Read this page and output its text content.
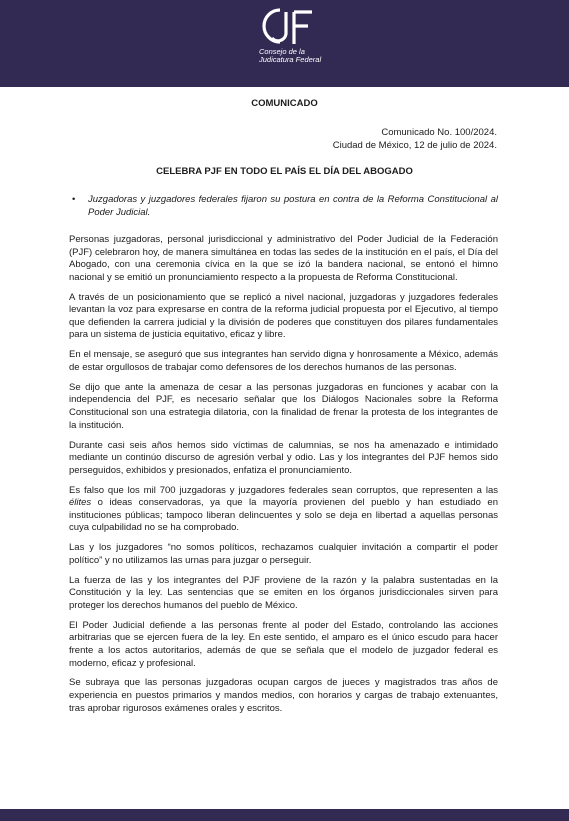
Consejo de la
Judicatura Federal
COMUNICADO
Comunicado No. 100/2024.
Ciudad de México, 12 de julio de 2024.
CELEBRA PJF EN TODO EL PAÍS EL DÍA DEL ABOGADO
• Juzgadoras y juzgadores federales fijaron su postura en contra de la Reforma Constitucional al Poder Judicial.

Personas juzgadoras, personal jurisdiccional y administrativo del Poder Judicial de la Federación (PJF) celebraron hoy, de manera simultánea en todas las sedes de la institución en el país, el Día del Abogado, con una ceremonia cívica en la que se izó la bandera nacional, se entonó el himno nacional y se emitió un pronunciamiento respecto a la propuesta de Reforma Constitucional.

A través de un posicionamiento que se replicó a nivel nacional, juzgadoras y juzgadores federales levantan la voz para expresarse en contra de la reforma judicial propuesta por el Ejecutivo, al tiempo que defienden la carrera judicial y la división de poderes que constituyen dos pilares fundamentales para un sistema de justicia equitativo, eficaz y libre.

En el mensaje, se aseguró que sus integrantes han servido digna y honrosamente a México, además de estar orgullosos de trabajar como defensores de los derechos humanos de las personas.

Se dijo que ante la amenaza de cesar a las personas juzgadoras en funciones y acabar con la independencia del PJF, es necesario señalar que los Diálogos Nacionales sobre la Reforma Constitucional son una estrategia dilatoria, con la finalidad de frenar la protesta de los integrantes de la institución.

Durante casi seis años hemos sido víctimas de calumnias, se nos ha amenazado e intimidado mediante un continúo discurso de agresión verbal y odio. Las y los integrantes del PJF hemos sido perseguidos, exhibidos y presionados, enfatiza el pronunciamiento.

Es falso que los mil 700 juzgadoras y juzgadores federales sean corruptos, que representen a las élites o ideas conservadoras, ya que la mayoría provienen del pueblo y han estudiado en instituciones públicas; tampoco liberan delincuentes y solo se deja en libertad a aquellas personas cuya culpabilidad no se ha comprobado.

Las y los juzgadores “no somos políticos, rechazamos cualquier invitación a compartir el poder político” y no utilizamos las urnas para juzgar o perseguir.

La fuerza de las y los integrantes del PJF proviene de la razón y la palabra sustentadas en la Constitución y la ley. Las sentencias que se emiten en los órganos jurisdiccionales sirven para proteger los derechos humanos del pueblo de México.

El Poder Judicial defiende a las personas frente al poder del Estado, controlando las acciones arbitrarias que se ejercen fuera de la ley. En este sentido, el amparo es el único escudo para hacer frente a los actos autoritarios, además de que se señala que el modelo de juzgador federal es moderno, eficaz y profesional.

Se subraya que las personas juzgadoras ocupan cargos de jueces y magistrados tras años de experiencia en puestos primarios y mandos medios, con horarios y cargas de trabajo extenuantes, tras aprobar rigurosos exámenes orales y escritos.
